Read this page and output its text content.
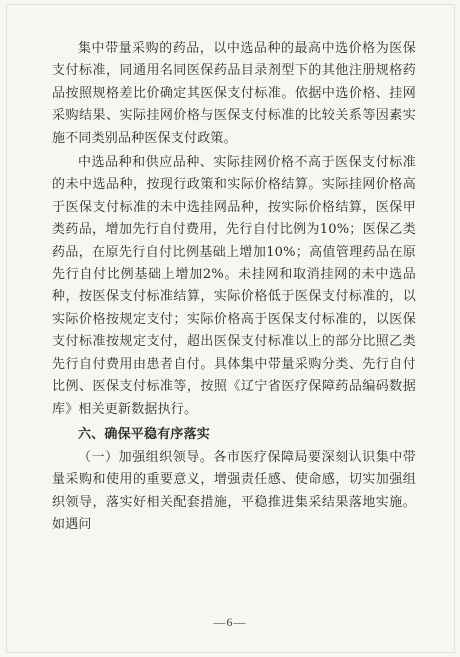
集中带量采购的药品，以中选品种的最高中选价格为医保支付标准，同通用名同医保药品目录剂型下的其他注册规格药品按照规格差比价确定其医保支付标准。依据中选价格、挂网采购结果、实际挂网价格与医保支付标准的比较关系等因素实施不同类别品种医保支付政策。

中选品种和供应品种、实际挂网价格不高于医保支付标准的未中选品种，按现行政策和实际价格结算。实际挂网价格高于医保支付标准的未中选挂网品种，按实际价格结算，医保甲类药品，增加先行自付费用，先行自付比例为10%；医保乙类药品，在原先行自付比例基础上增加10%；高值管理药品在原先行自付比例基础上增加2%。未挂网和取消挂网的未中选品种，按医保支付标准结算，实际价格低于医保支付标准的，以实际价格按规定支付；实际价格高于医保支付标准的，以医保支付标准按规定支付，超出医保支付标准以上的部分比照乙类先行自付费用由患者自付。具体集中带量采购分类、先行自付比例、医保支付标准等，按照《辽宁省医疗保障药品编码数据库》相关更新数据执行。

六、确保平稳有序落实

（一）加强组织领导。各市医疗保障局要深刻认识集中带量采购和使用的重要意义，增强责任感、使命感，切实加强组织领导，落实好相关配套措施，平稳推进集采结果落地实施。如遇问

—6—
